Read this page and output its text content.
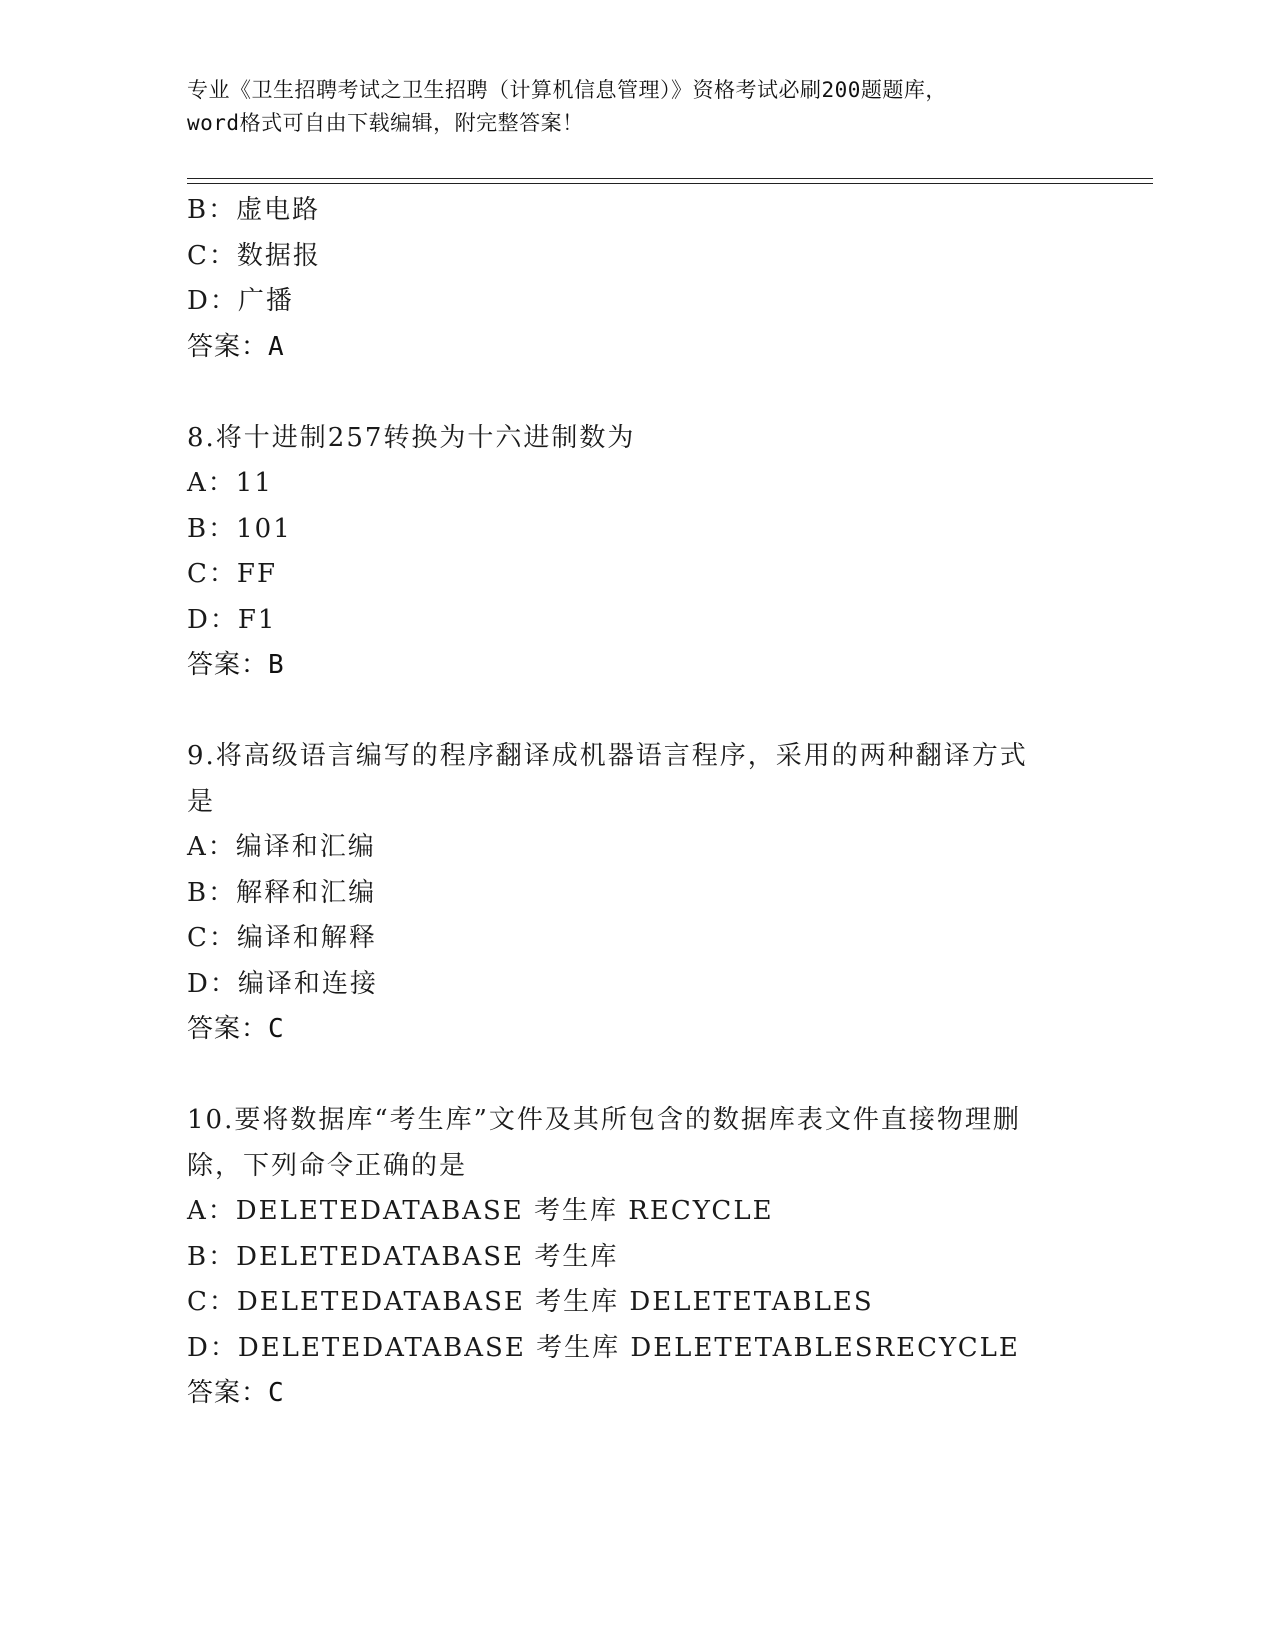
专业《卫生招聘考试之卫生招聘（计算机信息管理）》资格考试必刷200题题库，
word格式可自由下载编辑，附完整答案！
B：虚电路
C：数据报
D：广播
答案：A
8.将十进制257转换为十六进制数为
A：11
B：101
C：FF
D：F1
答案：B
9.将高级语言编写的程序翻译成机器语言程序，采用的两种翻译方式
是
A：编译和汇编
B：解释和汇编
C：编译和解释
D：编译和连接
答案：C
10.要将数据库“考生库”文件及其所包含的数据库表文件直接物理删
除，下列命令正确的是
A：DELETEDATABASE 考生库 RECYCLE
B：DELETEDATABASE 考生库
C：DELETEDATABASE 考生库 DELETETABLES
D：DELETEDATABASE 考生库 DELETETABLESRECYCLE
答案：C
